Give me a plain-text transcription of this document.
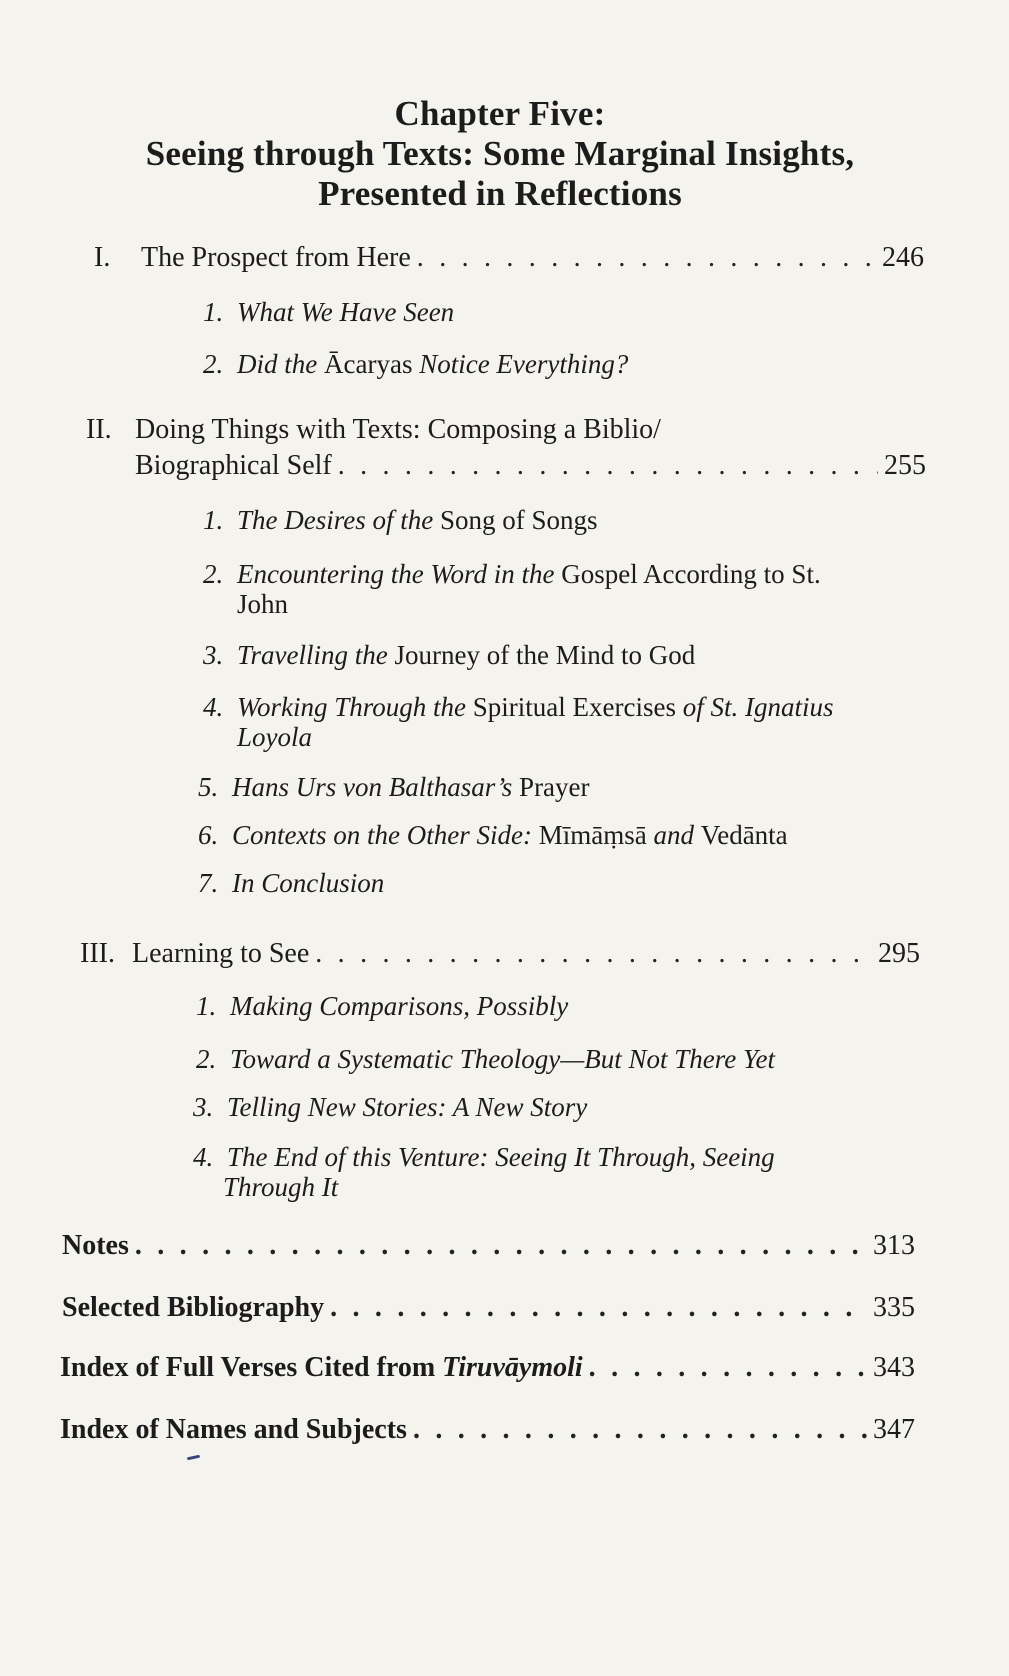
Chapter Five:
Seeing through Texts: Some Marginal Insights,
Presented in Reflections
I.	The Prospect from Here . . .	246
1. What We Have Seen
2. Did the Ācaryas Notice Everything?
II. Doing Things with Texts: Composing a Biblio/
Biographical Self . . .	255
1. The Desires of the Song of Songs
2. Encountering the Word in the Gospel According to St.
John
3. Travelling the Journey of the Mind to God
4. Working Through the Spiritual Exercises of St. Ignatius
Loyola
5. Hans Urs von Balthasar’s Prayer
6. Contexts on the Other Side: Mīmāṃsā and Vedānta
7. In Conclusion
III. Learning to See . . .	295
1. Making Comparisons, Possibly
2. Toward a Systematic Theology—But Not There Yet
3. Telling New Stories: A New Story
4. The End of this Venture: Seeing It Through, Seeing
Through It
Notes . . .	313
Selected Bibliography . . .	335
Index of Full Verses Cited from Tiruvāymoli . . .	343
Index of Names and Subjects . . .	347
